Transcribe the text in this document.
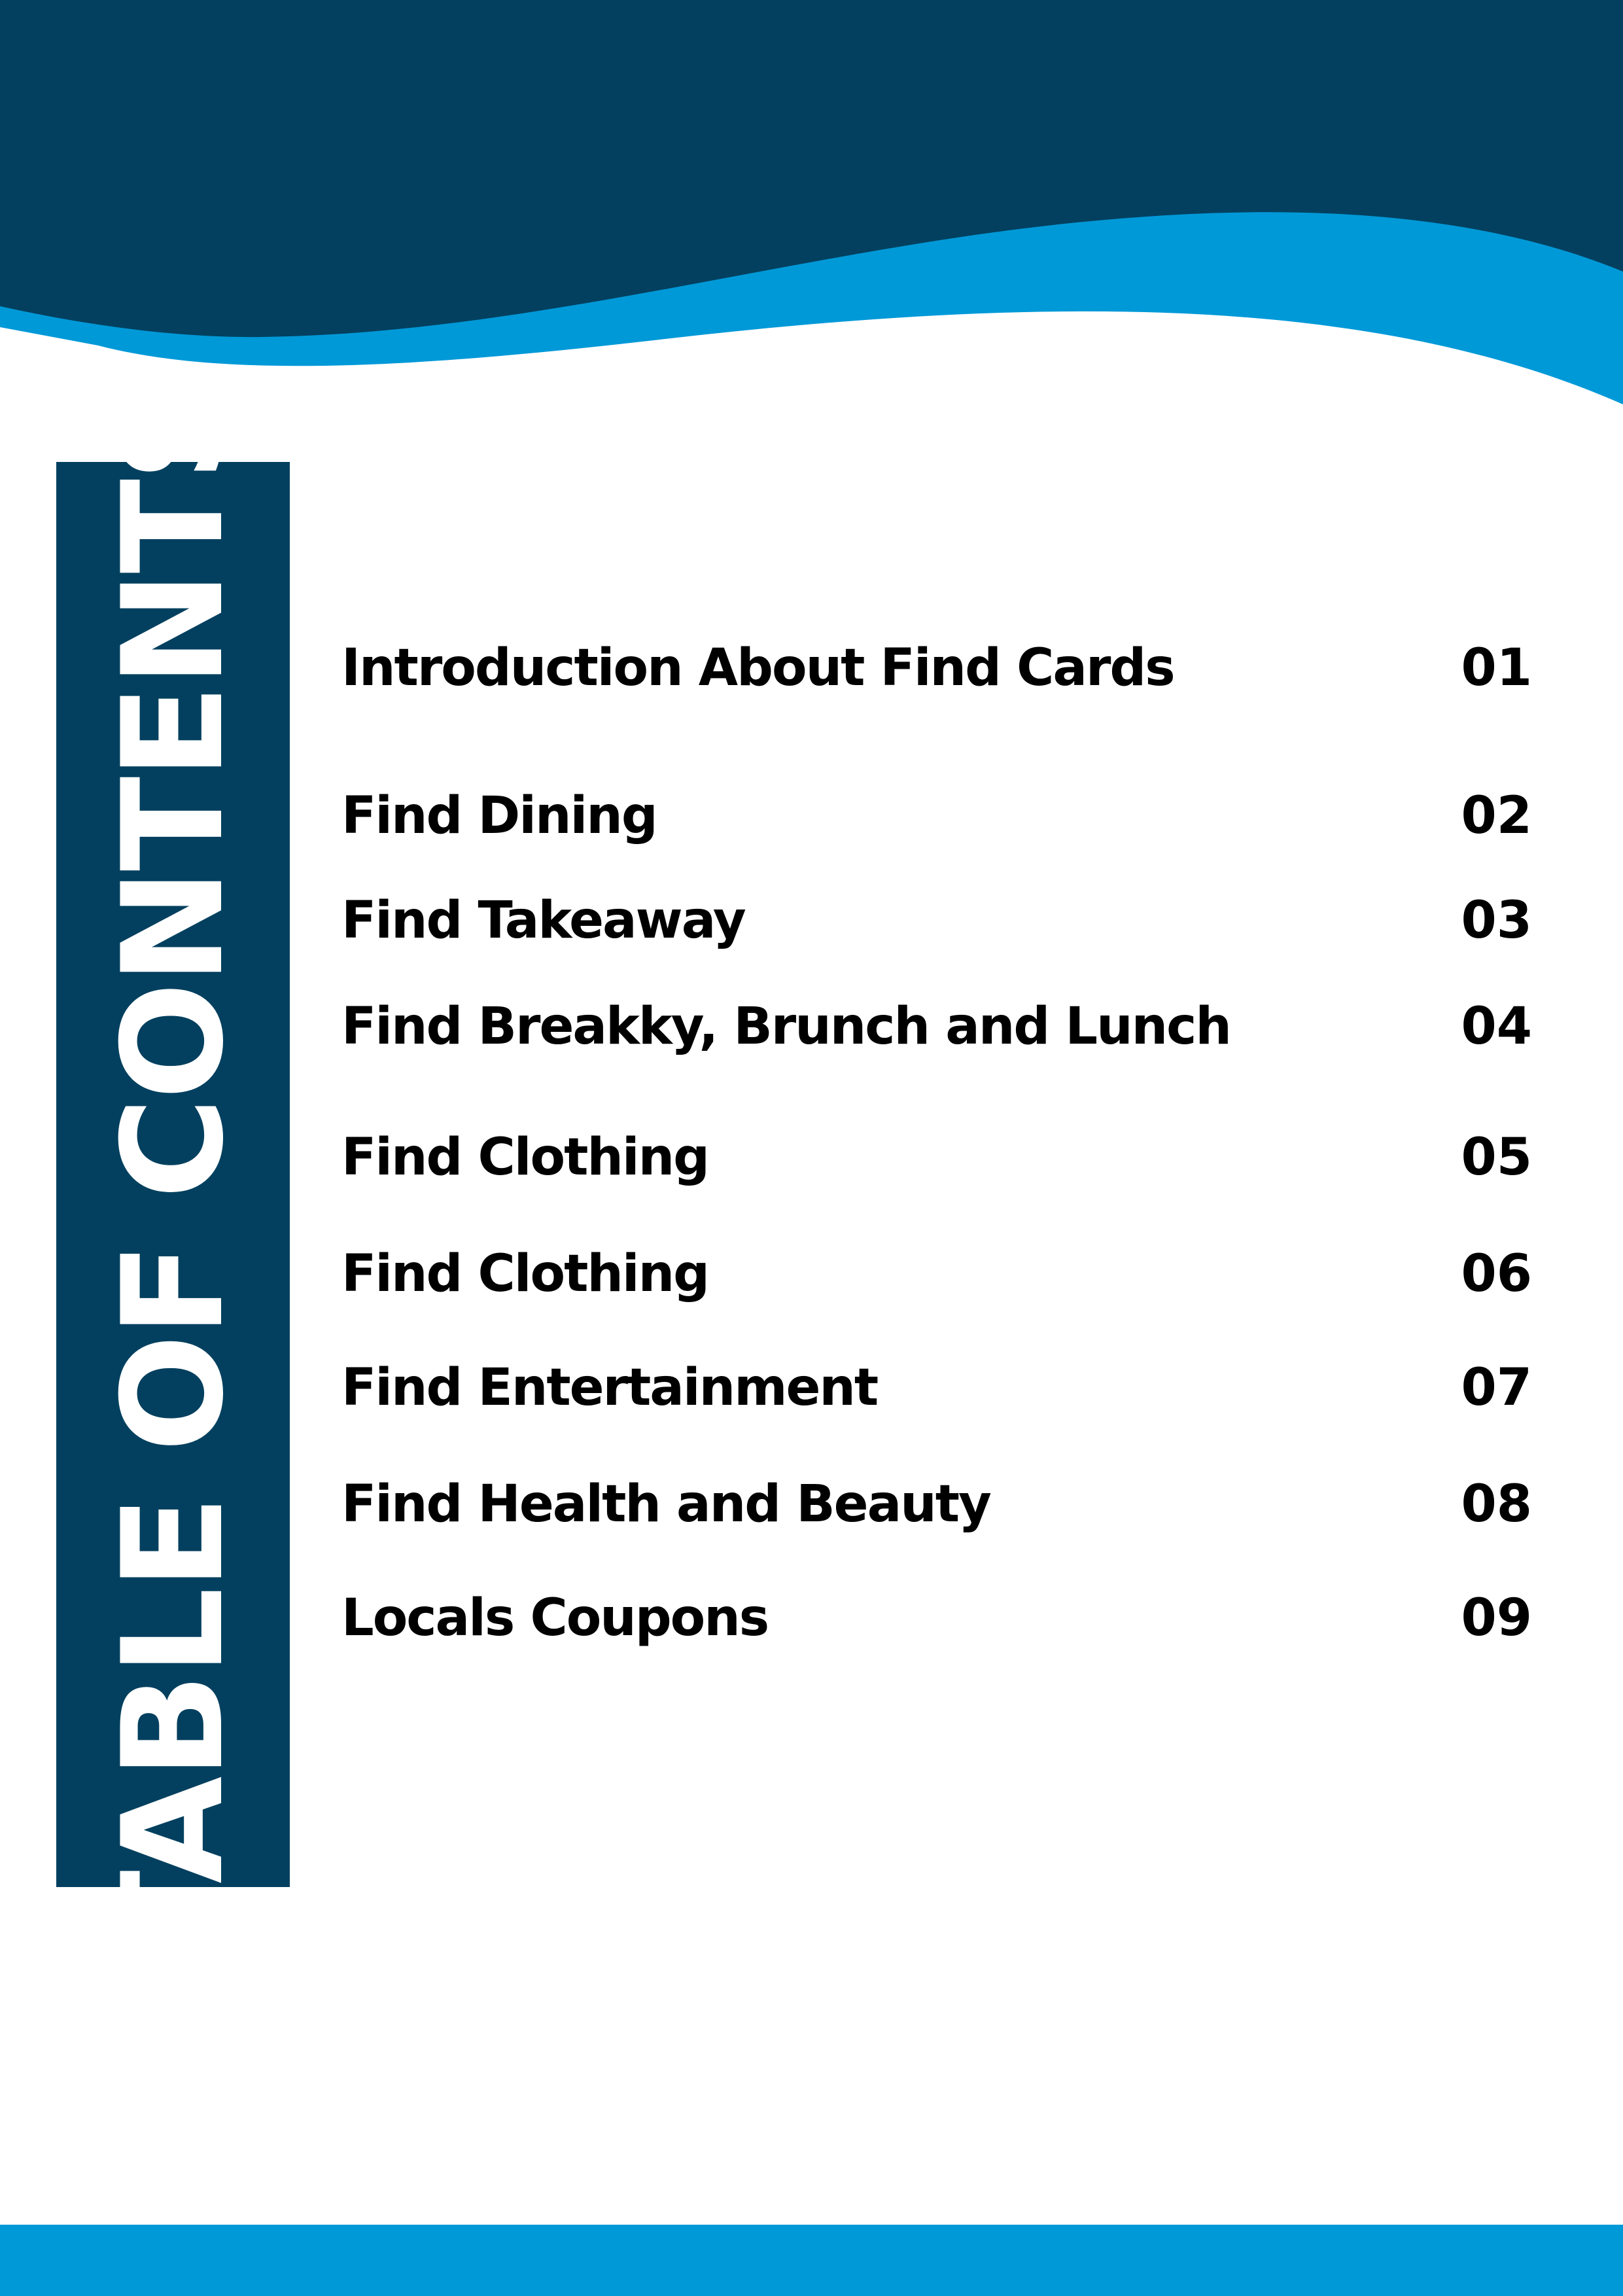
TABLE OF CONTENTS Introduction About Find Cards	01
Find Dining	02
Find Takeaway	03
Find Breakky, Brunch and Lunch	04
Find Clothing	05
Find Clothing	06
Find Entertainment	07
Find Health and Beauty	08
Locals Coupons	09
